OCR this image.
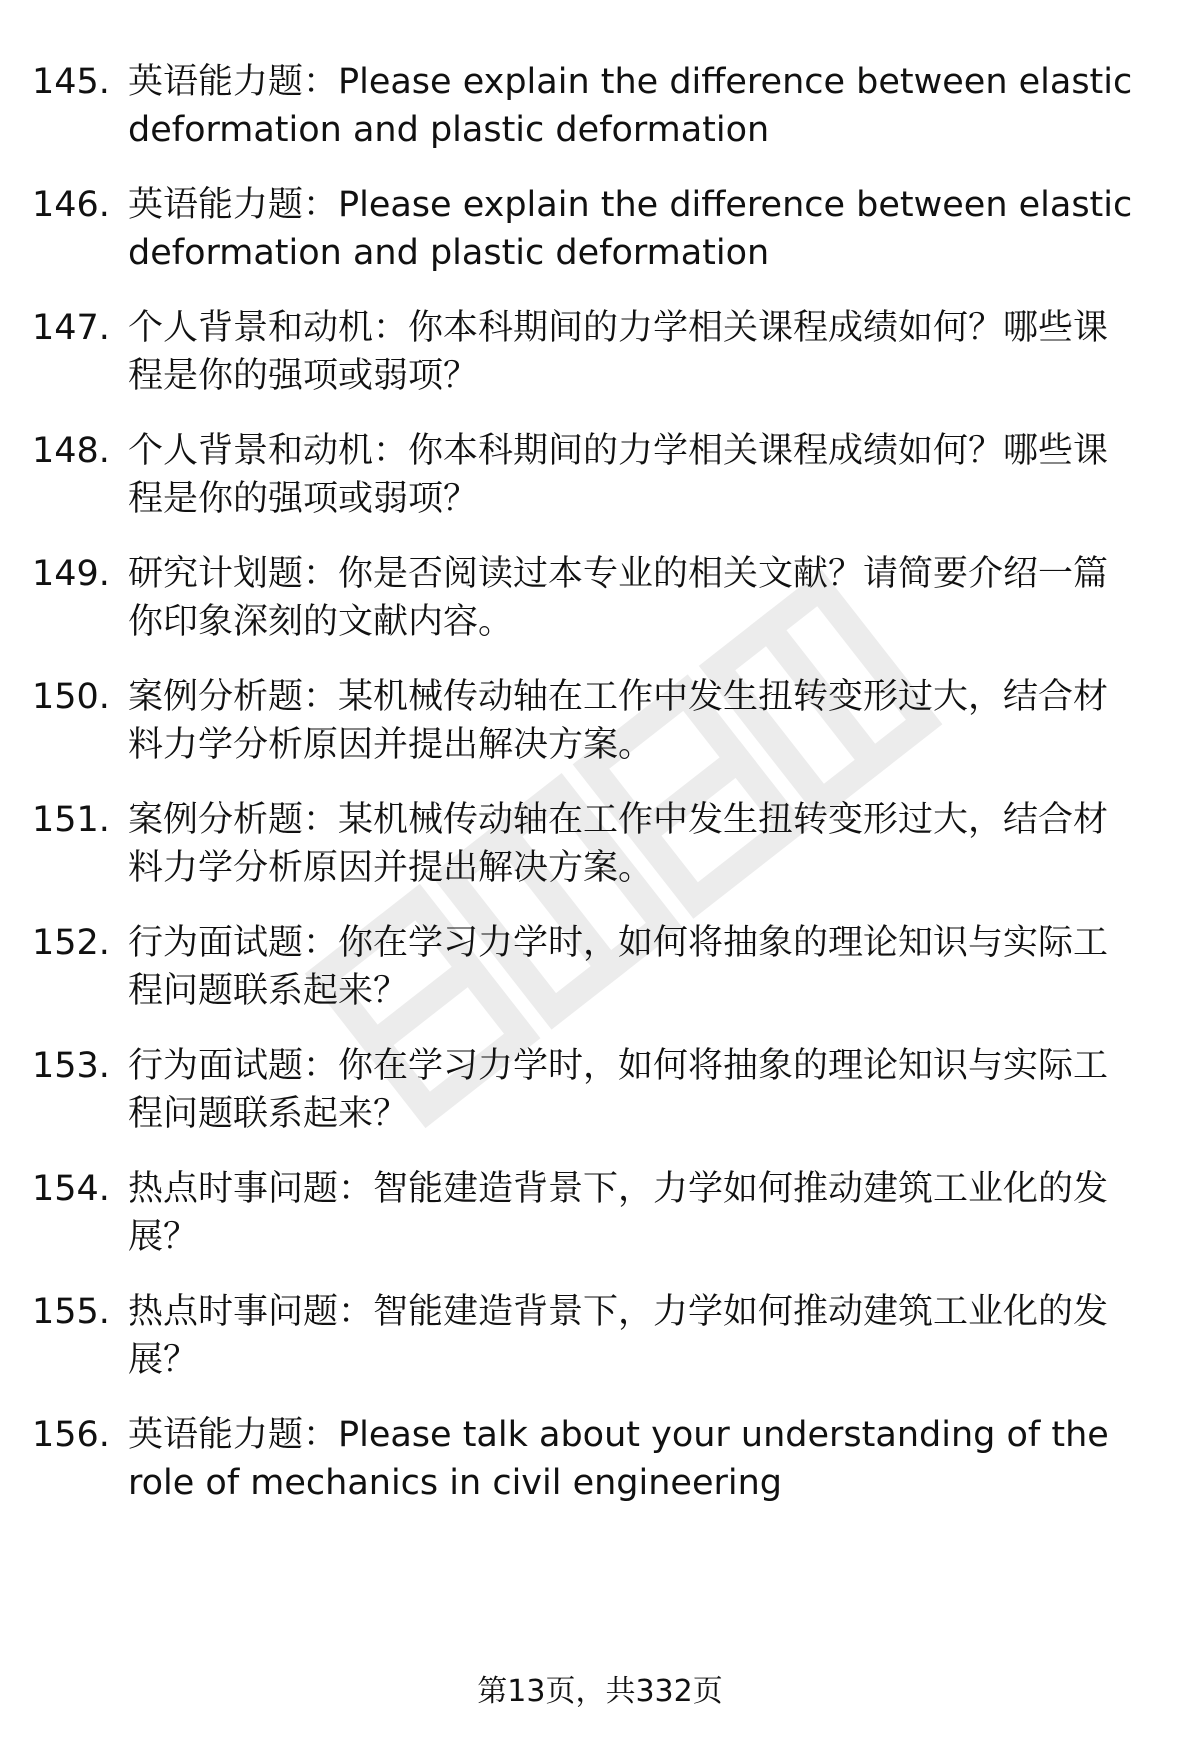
145. 英语能力题：Please explain the difference between elastic deformation and plastic deformation
146. 英语能力题：Please explain the difference between elastic deformation and plastic deformation
147. 个人背景和动机：你本科期间的力学相关课程成绩如何？哪些课程是你的强项或弱项？
148. 个人背景和动机：你本科期间的力学相关课程成绩如何？哪些课程是你的强项或弱项？
149. 研究计划题：你是否阅读过本专业的相关文献？请简要介绍一篇你印象深刻的文献内容。
150. 案例分析题：某机械传动轴在工作中发生扭转变形过大，结合材料力学分析原因并提出解决方案。
151. 案例分析题：某机械传动轴在工作中发生扭转变形过大，结合材料力学分析原因并提出解决方案。
152. 行为面试题：你在学习力学时，如何将抽象的理论知识与实际工程问题联系起来？
153. 行为面试题：你在学习力学时，如何将抽象的理论知识与实际工程问题联系起来？
154. 热点时事问题：智能建造背景下，力学如何推动建筑工业化的发展？
155. 热点时事问题：智能建造背景下，力学如何推动建筑工业化的发展？
156. 英语能力题：Please talk about your understanding of the role of mechanics in civil engineering
第13页，共332页
